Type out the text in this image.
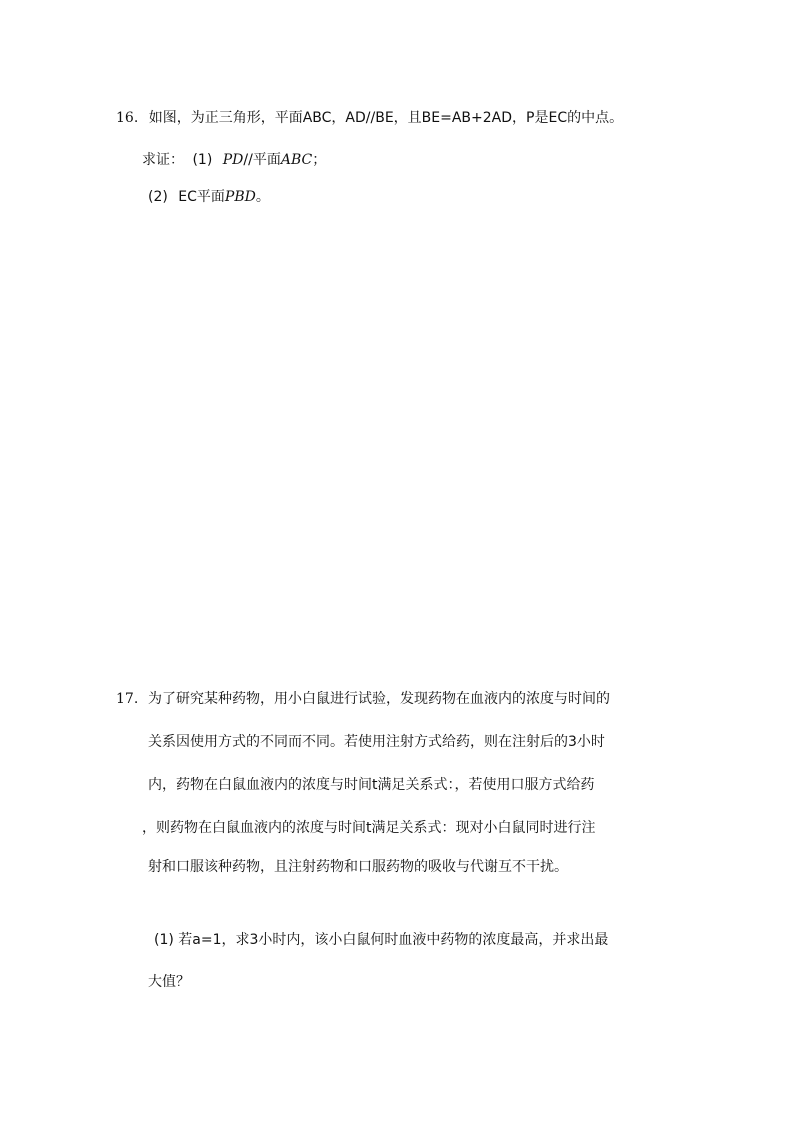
16. 如图，为正三角形，平面ABC，AD//BE，且BE=AB+2AD，P是EC的中点。
求证： (1) PD//平面ABC；
(2) EC平面PBD。
17. 为了研究某种药物，用小白鼠进行试验，发现药物在血液内的浓度与时间的
关系因使用方式的不同而不同。若使用注射方式给药，则在注射后的3小时
内，药物在白鼠血液内的浓度与时间t满足关系式：，若使用口服方式给药
，则药物在白鼠血液内的浓度与时间t满足关系式：现对小白鼠同时进行注
射和口服该种药物，且注射药物和口服药物的吸收与代谢互不干扰。
(1) 若a=1，求3小时内，该小白鼠何时血液中药物的浓度最高，并求出最
大值？
